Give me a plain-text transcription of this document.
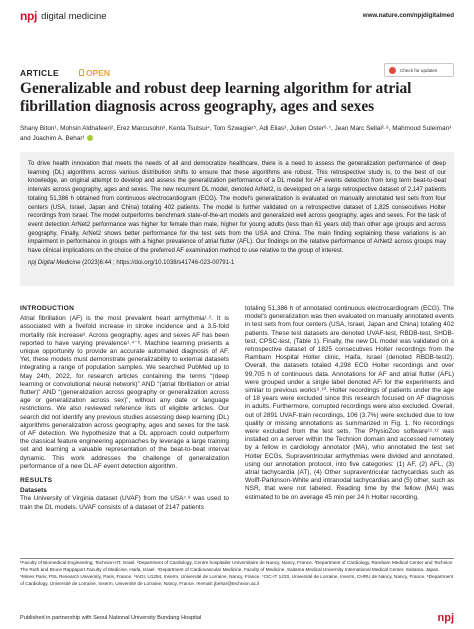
npj digital medicine	www.nature.com/npjdigitalmed
ARTICLE	OPEN	Check for updates
Generalizable and robust deep learning algorithm for atrial fibrillation diagnosis across geography, ages and sexes
Shany Biton¹, Mohsin Aldhafeeri², Erez Marcusohn³, Kenta Tsutsui⁴, Tom Szwagier⁵, Adi Elias³, Julien Oster⁶·⁷, Jean Marc Sellal²·⁸, Mahmoud Suleiman³ and Joachim A. Behar¹

To drive health innovation that meets the needs of all and democratize healthcare, there is a need to assess the generalization performance of deep learning (DL) algorithms across various distribution shifts to ensure that these algorithms are robust. This retrospective study is, to the best of our knowledge, an original attempt to develop and assess the generalization performance of a DL model for AF events detection from long term beat-to-beat intervals across geography, ages and sexes. The new recurrent DL model, denoted ArNet2, is developed on a large retrospective dataset of 2,147 patients totaling 51,386 h obtained from continuous electrocardiogram (ECG). The model's generalization is evaluated on manually annotated test sets from four centers (USA, Israel, Japan and China) totaling 402 patients. The model is further validated on a retrospective dataset of 1,825 consecutives Holter recordings from Israel. The model outperforms benchmark state-of-the-art models and generalized well across geography, ages and sexes. For the task of event detection ArNet2 performance was higher for female than male, higher for young adults (less than 61 years old) than other age groups and across geography. Finally, ArNet2 shows better performance for the test sets from the USA and China. The main finding explaining these variations is an impairment in performance in groups with a higher prevalence of atrial flutter (AFL). Our findings on the relative performance of ArNet2 across groups may have clinical implications on the choice of the preferred AF examination method to use relative to the group of interest.

npj Digital Medicine (2023)6:44 ; https://doi.org/10.1038/s41746-023-00791-1

INTRODUCTION

Atrial fibrillation (AF) is the most prevalent heart arrhythmia¹˒². It is associated with a fivefold increase in stroke incidence and a 3.5-fold mortality risk increase³. Across geography, ages and sexes AF has been reported to have varying prevalence¹˒⁴⁻⁶. Machine learning presents a unique opportunity to provide an accurate automated diagnosis of AF. Yet, these models must demonstrate generalizability to external datasets integrating a range of population samples. We searched PubMed up to May 24th, 2022, for research articles containing the terms “(deep learning or convolutional neural network)” AND “(atrial fibrillation or atrial flutter)” AND “(generalization across geography or generalization across age or generalization across sex)”, without any date or language restrictions. We also reviewed reference lists of eligible articles. Our search did not identify any previous studies assessing deep learning (DL) algorithms generalization across geography, ages and sexes for the task of AF detection. We hypothesize that a DL approach could outperform the classical feature engineering approaches by leverage a large training set and learning a valuable representation of the beat-to-beat interval dynamic. This work addresses the challenge of generalization performance of a new DL AF event detection algorithm.

RESULTS
Datasets

The University of Virginia dataset (UVAF) from the USA⁷˒⁸ was used to train the DL models. UVAF consists of a dataset of 2147 patients

totaling 51,386 h of annotated continuous electrocardiogram (ECG). The model's generalization was then evaluated on manually annotated events in test sets from four centers (USA, Israel, Japan and China) totaling 402 patients. These test datasets are denoted UVAF-test, RBDB-test, SHDB-test, CPSC-test, (Table 1). Finally, the new DL model was validated on a retrospective dataset of 1825 consecutives Holter recordings from the Rambam Hospital Holter clinic, Haifa, Israel (denoted RBDB-test2). Overall, the datasets totaled 4,298 ECG Holter recordings and over 99,705 h of continuous data. Annotations for AF and atrial flutter (AFL) were grouped under a single label denoted AFₗ for the experiments and similar to previous works⁹˒¹⁰. Holter recordings of patients under the age of 18 years were excluded since this research focused on AF diagnosis in adults. Furthermore, corrupted recordings were also excluded. Overall, out of 2891 UVAF-train recordings, 106 (3.7%) were excluded due to low quality or missing annotations as summarized in Fig. 1. No recordings were excluded from the test sets. The PhysioZoo software¹¹˒¹² was installed on a server within the Technion domain and accessed remotely by a fellow in cardiology annotator (MA), who annotated the test set Holter ECGs. Supraventricular arrhythmias were divided and annotated, using our annotation protocol, into five categories: (1) AF, (2) AFL, (3) atrial tachycardia (AT), (4) Other supraventricular tachycardias such as Wolff-Parkinson-White and intranodal tachycardias and (5) other, such as NSR, that were not labeled. Reading time by the fellow (MA) was estimated to be on average 45 min per 24 h Holter recording.

¹Faculty of Biomedical Engineering, Technion-IIT, Israel. ²Department of Cardiology, Centre hospitalier Universitaire de Nancy, Nancy, France. ³Department of Cardiology, Rambam Medical Center and Technion The Ruth and Bruce Rappaport Faculty of Medicine, Haifa, Israel. ⁴Department of Cardiovascular Medicine, Faculty of Medicine, Saitama Medical University International Medical Center, Saitama, Japan. ⁵Mines Paris, PSL Research University, Paris, France. ⁶IADI, U1254, Inserm, Université de Lorraine, Nancy, France. ⁷CIC-IT 1433, Université de Lorraine, Inserm, CHRU de Nancy, Nancy, France. ⁸Department of Cardiology, Université de Lorraine, Inserm, Université de Lorraine, Nancy, France. ✉email: jbehar@technion.ac.il
Published in partnership with Seoul National University Bundang Hospital	npj
